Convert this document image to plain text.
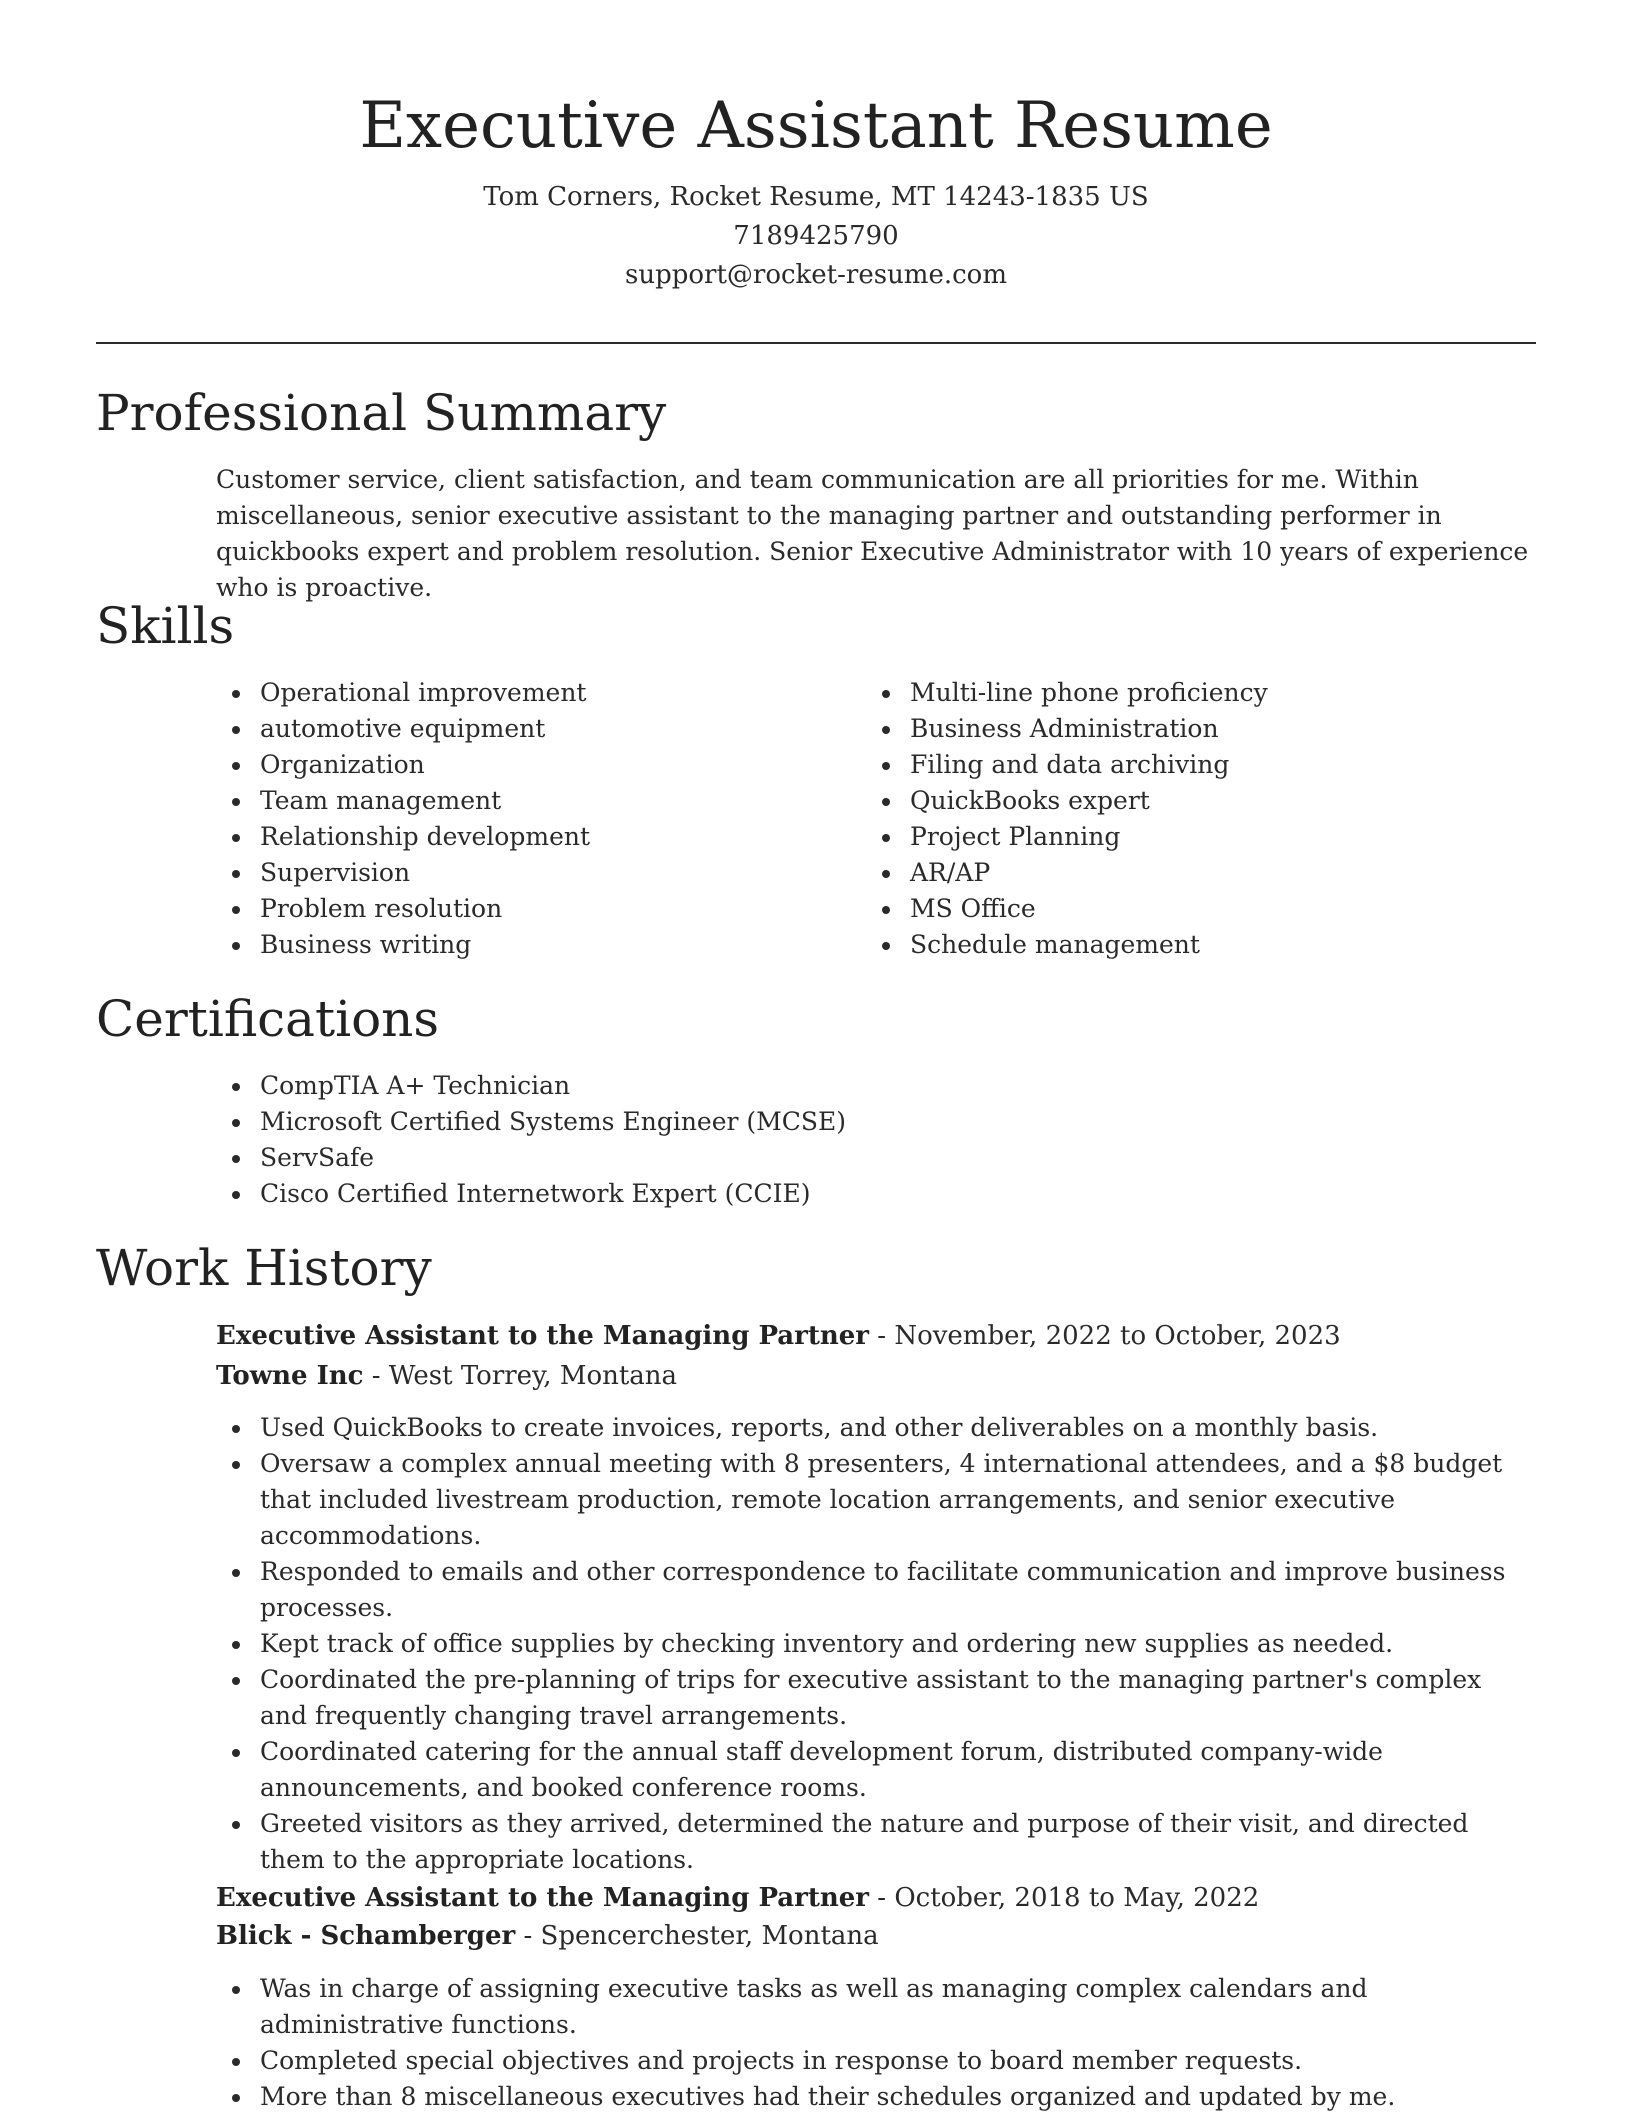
Executive Assistant Resume
Tom Corners, Rocket Resume, MT 14243-1835 US
7189425790
support@rocket-resume.com
Professional Summary
Customer service, client satisfaction, and team communication are all priorities for me. Within miscellaneous, senior executive assistant to the managing partner and outstanding performer in quickbooks expert and problem resolution. Senior Executive Administrator with 10 years of experience who is proactive.
Skills
Operational improvement
automotive equipment
Organization
Team management
Relationship development
Supervision
Problem resolution
Business writing
Multi-line phone proficiency
Business Administration
Filing and data archiving
QuickBooks expert
Project Planning
AR/AP
MS Office
Schedule management
Certifications
CompTIA A+ Technician
Microsoft Certified Systems Engineer (MCSE)
ServSafe
Cisco Certified Internetwork Expert (CCIE)
Work History
Executive Assistant to the Managing Partner - November, 2022 to October, 2023
Towne Inc - West Torrey, Montana
Used QuickBooks to create invoices, reports, and other deliverables on a monthly basis.
Oversaw a complex annual meeting with 8 presenters, 4 international attendees, and a $8 budget that included livestream production, remote location arrangements, and senior executive accommodations.
Responded to emails and other correspondence to facilitate communication and improve business processes.
Kept track of office supplies by checking inventory and ordering new supplies as needed.
Coordinated the pre-planning of trips for executive assistant to the managing partner's complex and frequently changing travel arrangements.
Coordinated catering for the annual staff development forum, distributed company-wide announcements, and booked conference rooms.
Greeted visitors as they arrived, determined the nature and purpose of their visit, and directed them to the appropriate locations.
Executive Assistant to the Managing Partner - October, 2018 to May, 2022
Blick - Schamberger - Spencerchester, Montana
Was in charge of assigning executive tasks as well as managing complex calendars and administrative functions.
Completed special objectives and projects in response to board member requests.
More than 8 miscellaneous executives had their schedules organized and updated by me.
